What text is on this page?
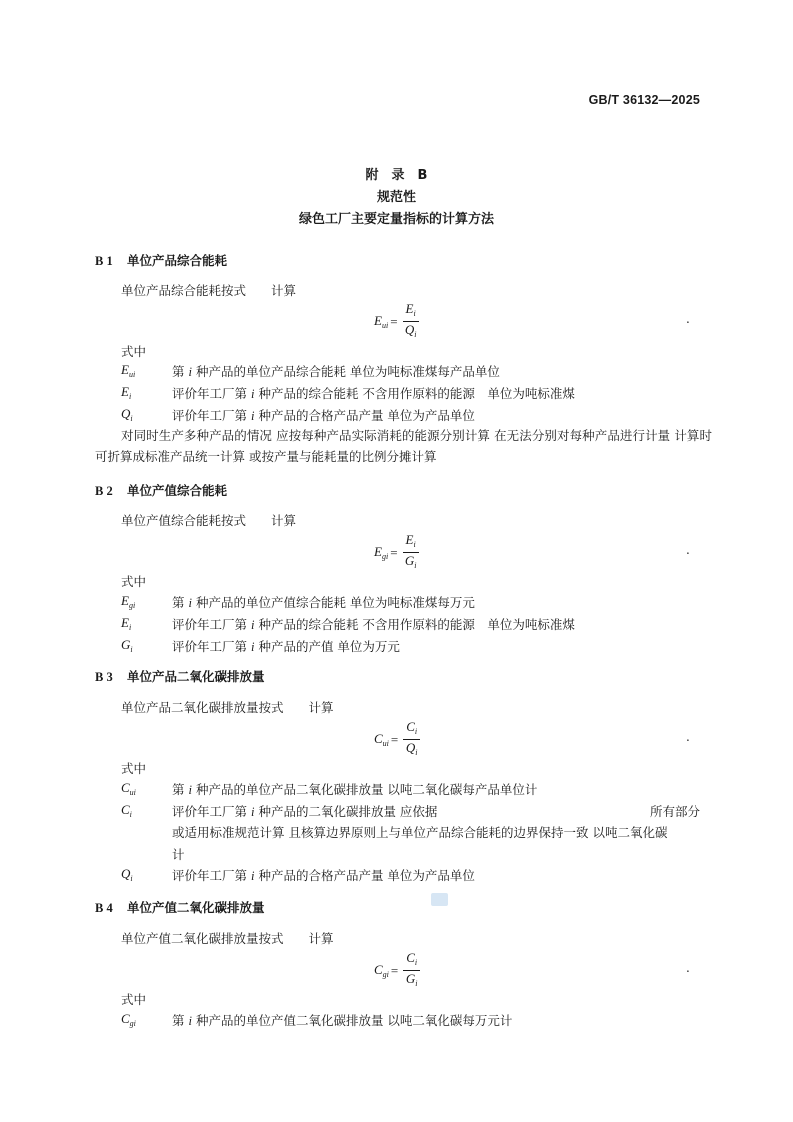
GB/T 36132—2025
附　录　B
规范性
绿色工厂主要定量指标的计算方法
B 1 单位产品综合能耗
单位产品综合能耗按式　　计算
$E_{ui} = \frac{E_i}{Q_i}$	.
式中
$E_{ui}$	第 i 种产品的单位产品综合能耗 单位为吨标准煤每产品单位
$E_i$	评价年工厂第 i 种产品的综合能耗 不含用作原料的能源　单位为吨标准煤
$Q_i$	评价年工厂第 i 种产品的合格产品产量 单位为产品单位
对同时生产多种产品的情况 应按每种产品实际消耗的能源分别计算 在无法分别对每种产品进行计量 计算时 可折算成标准产品统一计算 或按产量与能耗量的比例分摊计算
B 2 单位产值综合能耗
单位产值综合能耗按式　　计算
$E_{gi} = \frac{E_i}{G_i}$	.
式中
$E_{gi}$	第 i 种产品的单位产值综合能耗 单位为吨标准煤每万元
$E_i$	评价年工厂第 i 种产品的综合能耗 不含用作原料的能源　单位为吨标准煤
$G_i$	评价年工厂第 i 种产品的产值 单位为万元
B 3 单位产品二氧化碳排放量
单位产品二氧化碳排放量按式　　计算
$C_{ui} = \frac{C_i}{Q_i}$	.
式中
$C_{ui}$	第 i 种产品的单位产品二氧化碳排放量 以吨二氧化碳每产品单位计
$C_i$	评价年工厂第 i 种产品的二氧化碳排放量 应依据	所有部分
或适用标准规范计算 且核算边界原则上与单位产品综合能耗的边界保持一致 以吨二氧化碳　　　计
$Q_i$	评价年工厂第 i 种产品的合格产品产量 单位为产品单位
B 4 单位产值二氧化碳排放量
单位产值二氧化碳排放量按式　　计算
$C_{gi} = \frac{C_i}{G_i}$	.
式中
$C_{gi}$	第 i 种产品的单位产值二氧化碳排放量 以吨二氧化碳每万元计
